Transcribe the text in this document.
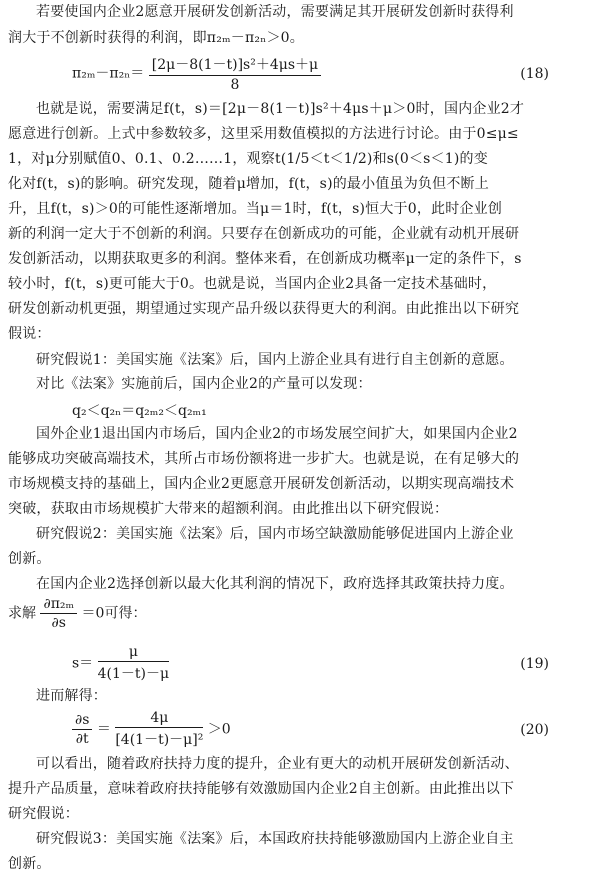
若要使国内企业2愿意开展研发创新活动，需要满足其开展研发创新时获得利
润大于不创新时获得的利润，即π₂ₘ－π₂ₙ＞0。
$\pi_{2m}-\pi_{2n}= \frac{\text{[2μ－8(1－t)]s²＋4μs＋μ}}{8}$	(18)
也就是说，需要满足f(t，s)＝[2μ－8(1－t)]s²＋4μs＋μ＞0时，国内企业2才
愿意进行创新。上式中参数较多，这里采用数值模拟的方法进行讨论。由于0≤μ≤
1，对μ分别赋值0、0.1、0.2……1，观察t(1/5＜t＜1/2)和s(0＜s＜1)的变
化对f(t，s)的影响。研究发现，随着μ增加，f(t，s)的最小值虽为负但不断上
升，且f(t，s)＞0的可能性逐渐增加。当μ＝1时，f(t，s)恒大于0，此时企业创
新的利润一定大于不创新的利润。只要存在创新成功的可能，企业就有动机开展研
发创新活动，以期获取更多的利润。整体来看，在创新成功概率μ一定的条件下，s
较小时，f(t，s)更可能大于0。也就是说，当国内企业2具备一定技术基础时，
研发创新动机更强，期望通过实现产品升级以获得更大的利润。由此推出以下研究
假说：
研究假说1：美国实施《法案》后，国内上游企业具有进行自主创新的意愿。
对比《法案》实施前后，国内企业2的产量可以发现：
q₂＜q₂ₙ＝q₂ₘ₂＜q₂ₘ₁
国外企业1退出国内市场后，国内企业2的市场发展空间扩大，如果国内企业2
能够成功突破高端技术，其所占市场份额将进一步扩大。也就是说，在有足够大的
市场规模支持的基础上，国内企业2更愿意开展研发创新活动，以期实现高端技术
突破，获取由市场规模扩大带来的超额利润。由此推出以下研究假说：
研究假说2：美国实施《法案》后，国内市场空缺激励能够促进国内上游企业
创新。
在国内企业2选择创新以最大化其利润的情况下，政府选择其政策扶持力度。
求解 $\frac{\text{∂π₂ₘ}}{\partial s} =0$可得：
$s= \frac{\mu}{4(1-t)-\mu}$	(19)
进而解得：
$\frac{\partial s}{\partial t} = \frac{4\mu}{\text{[4(1－t)－μ]²}} >0$	(20)
可以看出，随着政府扶持力度的提升，企业有更大的动机开展研发创新活动、
提升产品质量，意味着政府扶持能够有效激励国内企业2自主创新。由此推出以下
研究假说：
研究假说3：美国实施《法案》后，本国政府扶持能够激励国内上游企业自主
创新。
